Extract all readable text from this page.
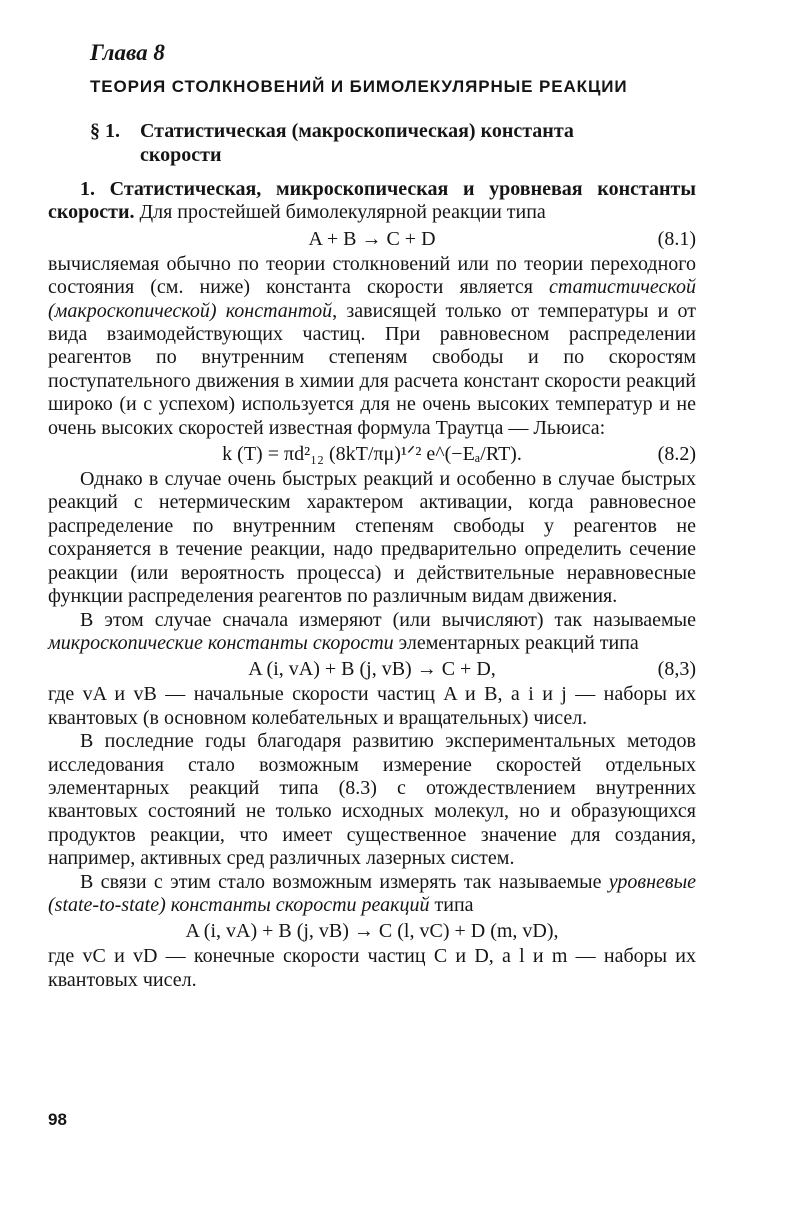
Глава 8
ТЕОРИЯ СТОЛКНОВЕНИЙ И БИМОЛЕКУЛЯРНЫЕ РЕАКЦИИ
§ 1. Статистическая (макроскопическая) константа
скорости

1. Статистическая, микроскопическая и уровневая константы скорости. Для простейшей бимолекулярной реакции типа

A + B → C + D	(8.1)

вычисляемая обычно по теории столкновений или по теории переходного состояния (см. ниже) константа скорости является статистической (макроскопической) константой, зависящей только от температуры и от вида взаимодействующих частиц. При равновесном распределении реагентов по внутренним степеням свободы и по скоростям поступательного движения в химии для расчета констант скорости реакций широко (и с успехом) используется для не очень высоких температур и не очень высоких скоростей известная формула Траутца — Льюиса:

k (T) = πd²₁₂ (8kT/πμ)¹ᐟ² e^(−Eₐ/RT).	(8.2)

Однако в случае очень быстрых реакций и особенно в случае быстрых реакций с нетермическим характером активации, когда равновесное распределение по внутренним степеням свободы у реагентов не сохраняется в течение реакции, надо предварительно определить сечение реакции (или вероятность процесса) и действительные неравновесные функции распределения реагентов по различным видам движения.

В этом случае сначала измеряют (или вычисляют) так называемые микроскопические константы скорости элементарных реакций типа

A (i, vA) + B (j, vB) → C + D,	(8,3)

где vA и vB — начальные скорости частиц A и B, а i и j — наборы их квантовых (в основном колебательных и вращательных) чисел.

В последние годы благодаря развитию экспериментальных методов исследования стало возможным измерение скоростей отдельных элементарных реакций типа (8.3) с отождествлением внутренних квантовых состояний не только исходных молекул, но и образующихся продуктов реакции, что имеет существенное значение для создания, например, активных сред различных лазерных систем.

В связи с этим стало возможным измерять так называемые уровневые (state-to-state) константы скорости реакций типа

A (i, vA) + B (j, vB) → C (l, vC) + D (m, vD),

где vC и vD — конечные скорости частиц C и D, а l и m — наборы их квантовых чисел.

98
